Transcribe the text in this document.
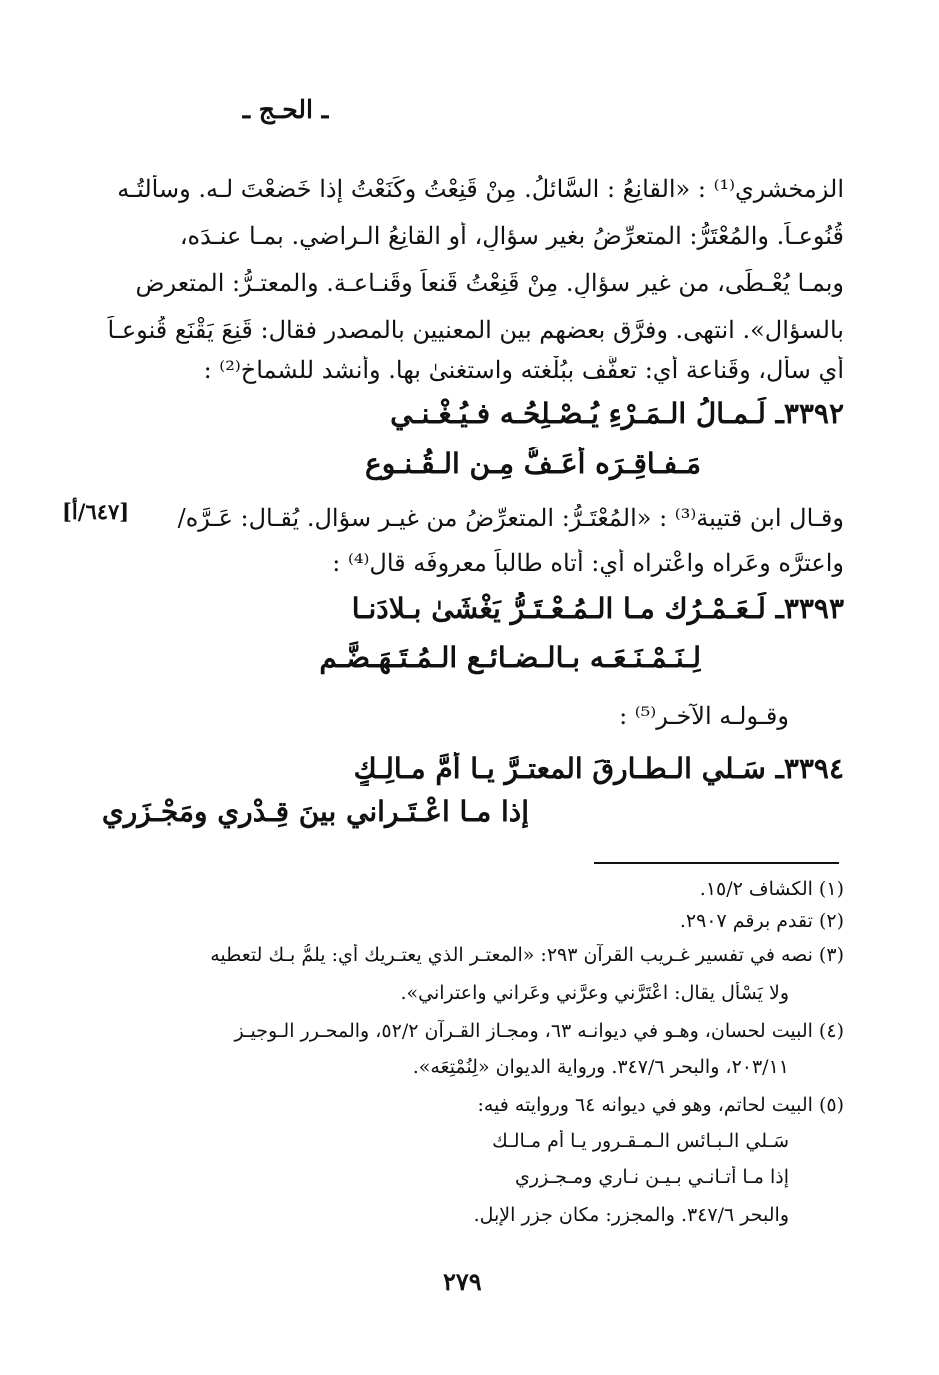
ـ الحـج ـ
الزمخشري⁽¹⁾ : «القانِعُ : السَّائلُ. مِنْ قَنِعْتُ وكَنَعْتُ إذا خَضعْتَ لـه. وسألتُـه
قُنُوعـاً. والمُعْتَرُّ: المتعرِّضُ بغيرِ سؤالٍ، أو القانِعُ الـراضي. بمـا عنـدَه،
وبمـا يُعْـطَى، من غيرِ سؤالٍ. مِنْ قَنِعْتُ قَنعاً وقَنـاعـة. والمعتـرُّ: المتعرض
بالسؤال». انتهى. وفرَّق بعضهم بين المعنيين بالمصدر فقال: قَنِعَ يَقْنَع قُنوعـاً
أي سأل، وقَناعة أي: تعفَّف ببُلْغته واستغنىٰ بها. وأنشد للشماخ⁽²⁾ :
٣٣٩٢ـ لَـمـالُ الـمَـرْءِ يُـصْـلِحُـه فـيُـغْـنـي
مَـفـاقِـرَه أعَـفُّ مِـن الـقُـنـوعِ
وقـال ابن قتيبة⁽³⁾ : «المُعْتَـرُّ: المتعرِّضُ من غيـر سؤال. يُقـال: عَـرَّه/
[٦٤٧/أ]
واعترَّه وعَراه واعْتراه أي: أتاه طالباً معروفَه قال⁽⁴⁾ :
٣٣٩٣ـ لَـعَـمْـرُك مـا الـمُـعْـتَـرُّ يَغْشَىٰ بـلادَنـا
لِـنَـمْـنَـعَـه بـالـضـائـعِ الـمُـتَـهَـضَّـمِ
وقـولـه الآخـر⁽⁵⁾ :
٣٣٩٤ـ سَـلي الـطـارقَ المعتـرَّ يـا أمَّ مـالِـكٍ
إذا مـا اعْـتَـراني بينَ قِـدْري ومَجْـزَري
(١) الكشاف ١٥/٢.
(٢) تقدم برقم ٢٩٠٧.
(٣) نصه في تفسير غـريب القرآن ٢٩٣: «المعتـر الذي يعتـريك أي: يلمُّ بـك لتعطيه
ولا يَسْأل يقال: اعْتَرَّني وعرَّني وعَراني واعتراني».
(٤) البيت لحسان، وهـو في ديوانـه ٦٣، ومجـاز القـرآن ٥٢/٢، والمحـرر الـوجيـز
٢٠٣/١١، والبحر ٣٤٧/٦. ورواية الديوان «لِنُمْتِعَه».
(٥) البيت لحاتم، وهو في ديوانه ٦٤ وروايته فيه:
سَـلي الـبـائس الـمـقـرور يـا أم مـالـك
إذا مـا أتـانـي بـيـن نـاري ومـجـزري
والبحر ٣٤٧/٦. والمجزر: مكان جزر الإبل.
٢٧٩
